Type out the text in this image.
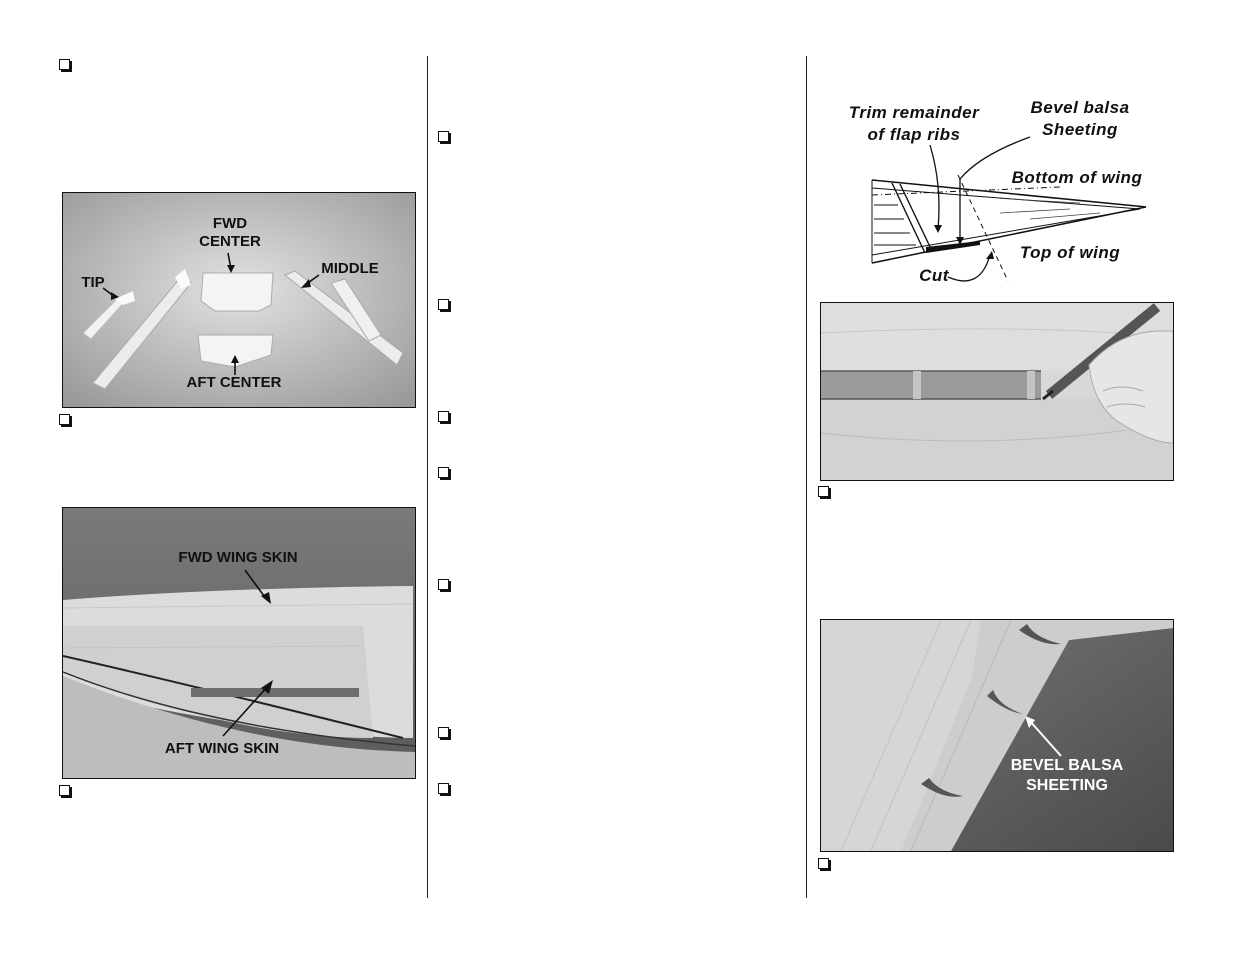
FWD
CENTER
TIP
MIDDLE
AFT CENTER
FWD WING SKIN
AFT WING SKIN
Trim remainder
of flap ribs
Bevel balsa
Sheeting
Bottom of wing
Top of wing
Cut
BEVEL BALSA
SHEETING
